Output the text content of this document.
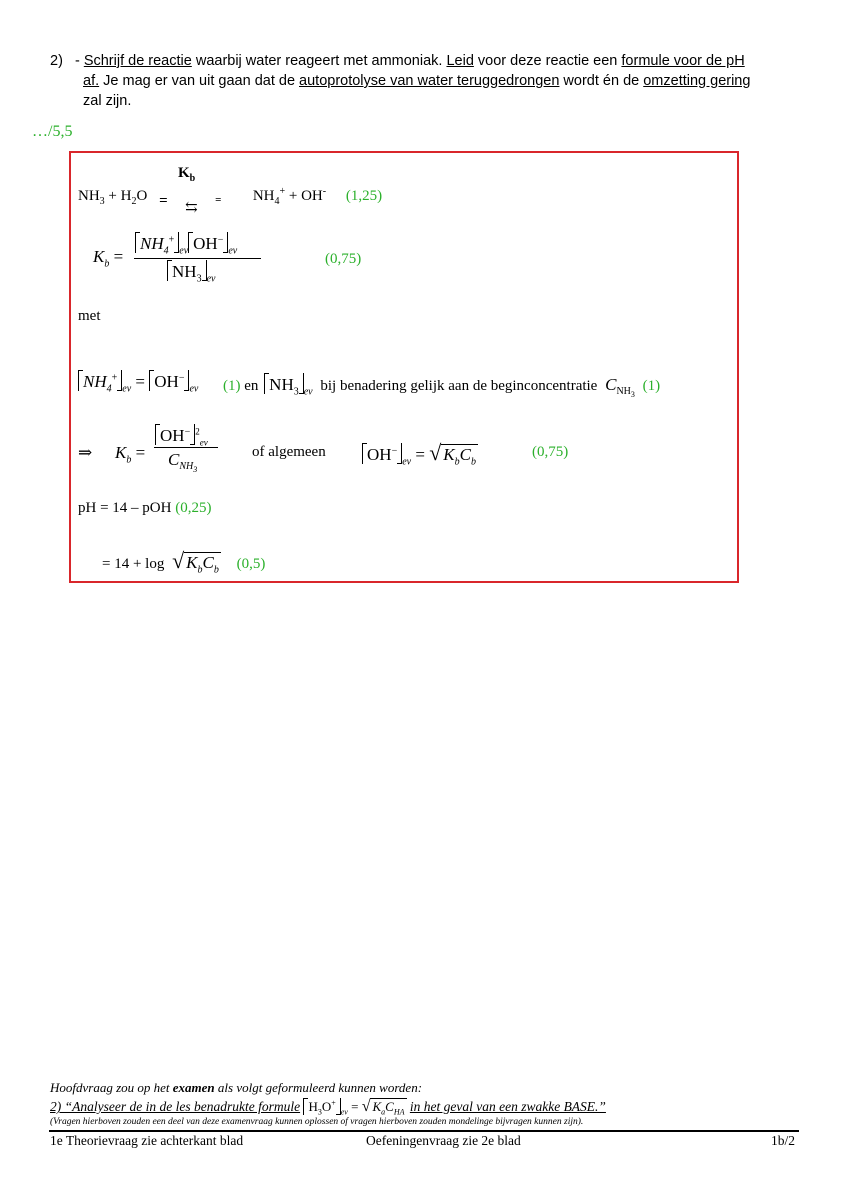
2) - Schrijf de reactie waarbij water reageert met ammoniak. Leid voor deze reactie een formule voor de pH
af. Je mag er van uit gaan dat de autoprotolyse van water teruggedrongen wordt én de omzetting gering
zal zijn.
…/5,5
$K_b$
$NH_3 + H_2O$ = ⇆ = $NH_4^+ + OH^-$ (1,25)
$K_b$ =
$NH_4^+_{ev}$ $OH^-_{ev}$
$NH_3$ $_{ev}$
(0,75)
met
$NH_4^+_{ev} = OH^-_{ev}$ (1) en $NH_3$ $_{ev}$ bij benadering gelijk aan de beginconcentratie $C_{NH_3}$ (1)
⇒ $K_b$ =
OH− $^2_{ev}$
$C_{NH_3}$
of algemeen $OH^-_{ev}$ = √ $K_bC_b$
(0,75)
pH = 14 – pOH (0,25)
= 14 + log √ $K_bC_b$ (0,5)
Hoofdvraag zou op het examen als volgt geformuleerd kunnen worden:
2) “Analyseer de in de les benadrukte formule $H_3O^+_{ev}$ = √ $K_aC_{HA}$ in het geval van een zwakke BASE.”
(Vragen hierboven zouden een deel van deze examenvraag kunnen oplossen of vragen hierboven zouden mondelinge bijvragen kunnen zijn).
1e Theorievraag zie achterkant blad	Oefeningenvraag zie 2e blad	1b/2
